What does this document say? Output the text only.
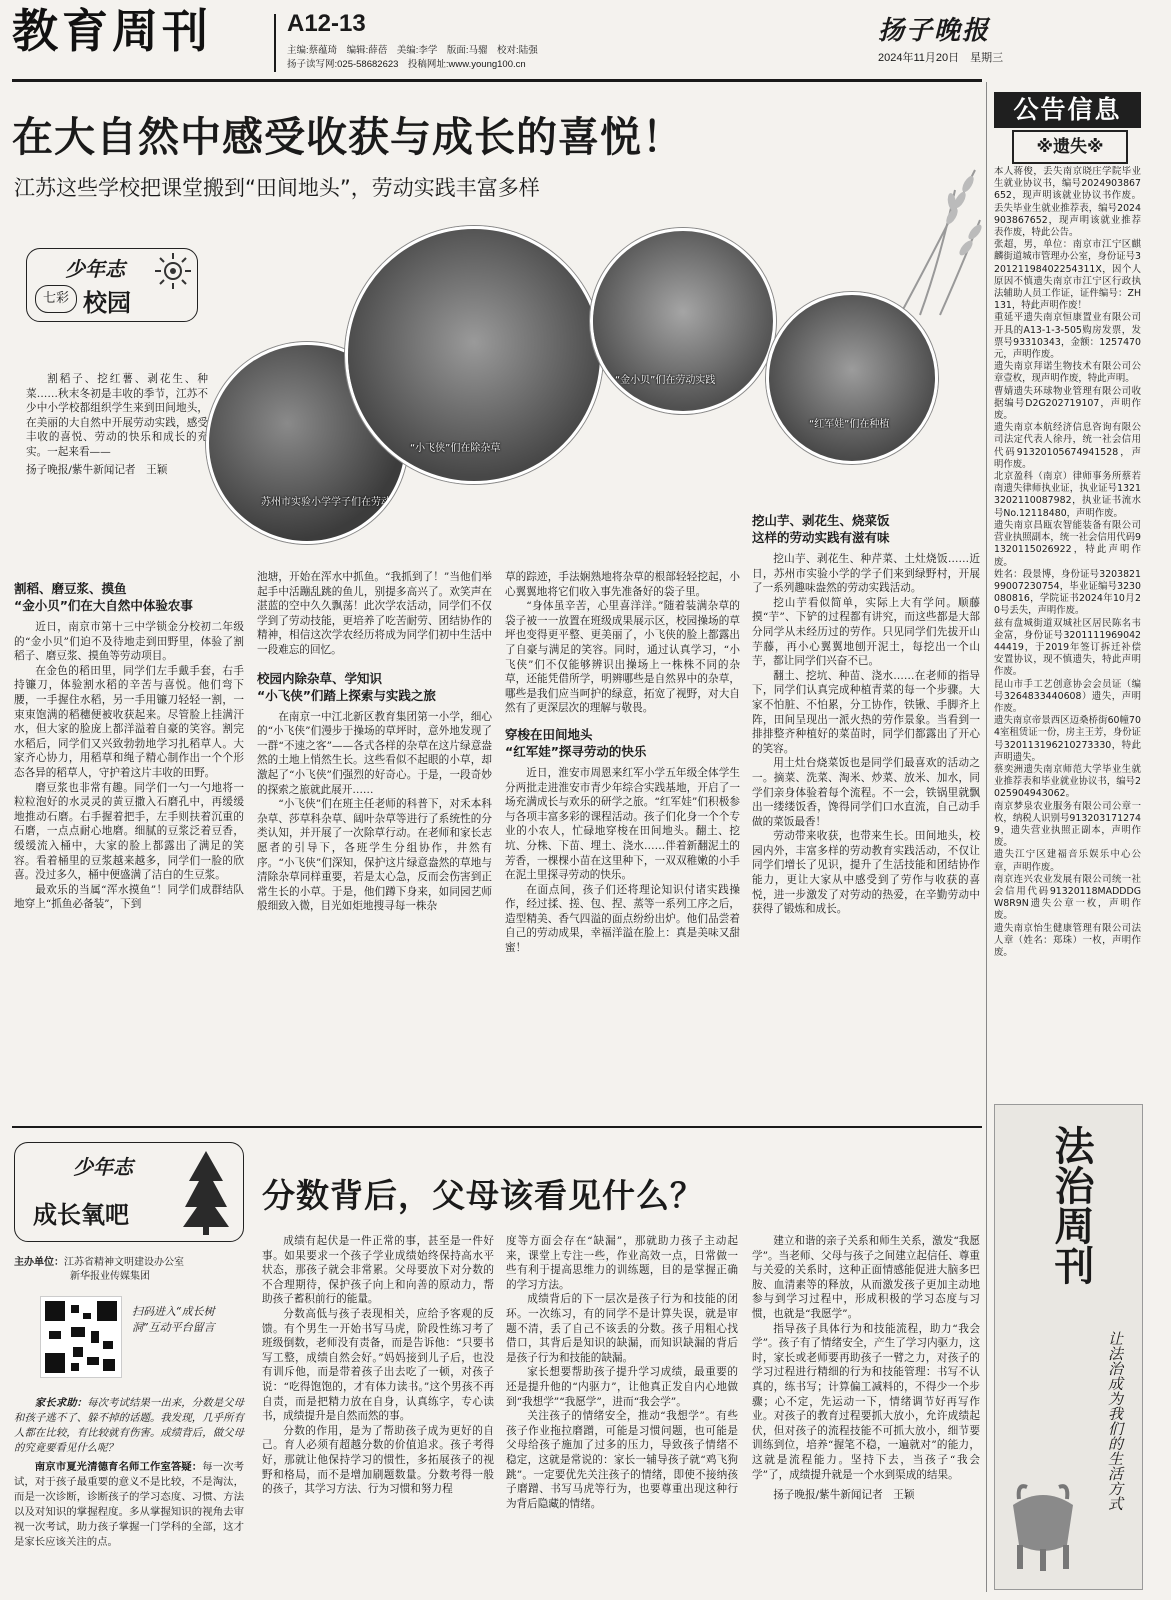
教育周刊	A12-13
主编:蔡蕴琦　编辑:薛蓓　美编:李学　版面:马骝　校对:陆强
扬子读写网:025-58682623　投稿网址:www.young100.cn
扬子晚报
2024年11月20日　星期三
在大自然中感受收获与成长的喜悦！
江苏这些学校把课堂搬到“田间地头”，劳动实践丰富多样
少年志
七彩 校园

割稻子、挖红薯、剥花生、种菜……秋末冬初是丰收的季节，江苏不少中小学校都组织学生来到田间地头，在美丽的大自然中开展劳动实践，感受丰收的喜悦、劳动的快乐和成长的充实。一起来看——

扬子晚报/紫牛新闻记者　王颖

苏州市实验小学学子们在劳动
“小飞侠”们在除杂草
“金小贝”们在劳动实践
“红军娃”们在种植
割稻、磨豆浆、摸鱼
“金小贝”们在大自然中体验农事

近日，南京市第十三中学锁金分校初二年级的“金小贝”们迫不及待地走到田野里，体验了割稻子、磨豆浆、摸鱼等劳动项目。

在金色的稻田里，同学们左手戴手套，右手持镰刀，体验割水稻的辛苦与喜悦。他们弯下腰，一手握住水稻，另一手用镰刀轻轻一割，一束束饱满的稻穗便被收获起来。尽管脸上挂满汗水，但大家的脸庞上都洋溢着自豪的笑容。割完水稻后，同学们又兴致勃勃地学习扎稻草人。大家齐心协力，用稻草和绳子精心制作出一个个形态各异的稻草人，守护着这片丰收的田野。

磨豆浆也非常有趣。同学们一勺一勺地将一粒粒泡好的水灵灵的黄豆撒入石磨孔中，再缓缓地推动石磨。右手握着把手，左手则扶着沉重的石磨，一点点耐心地磨。细腻的豆浆泛着豆香，缓缓流入桶中，大家的脸上都露出了满足的笑容。看着桶里的豆浆越来越多，同学们一脸的欣喜。没过多久，桶中便盛满了洁白的生豆浆。

最欢乐的当属“浑水摸鱼”！同学们成群结队地穿上“抓鱼必备装”，下到

池塘，开始在浑水中抓鱼。“我抓到了！”当他们举起手中活蹦乱跳的鱼儿，别提多高兴了。欢笑声在湛蓝的空中久久飘荡！此次学农活动，同学们不仅学到了劳动技能，更培养了吃苦耐劳、团结协作的精神，相信这次学农经历将成为同学们初中生活中一段难忘的回忆。

校园内除杂草、学知识
“小飞侠”们踏上探索与实践之旅

在南京一中江北新区教育集团第一小学，细心的“小飞侠”们漫步于操场的草坪时，意外地发现了一群“不速之客”——各式各样的杂草在这片绿意盎然的土地上悄然生长。这些看似不起眼的小草，却激起了“小飞侠”们强烈的好奇心。于是，一段奇妙的探索之旅就此展开……

“小飞侠”们在班主任老师的科普下，对禾本科杂草、莎草科杂草、阔叶杂草等进行了系统性的分类认知，并开展了一次除草行动。在老师和家长志愿者的引导下，各班学生分组协作，井然有序。“小飞侠”们深知，保护这片绿意盎然的草地与清除杂草同样重要，若是太心急，反而会伤害到正常生长的小草。于是，他们蹲下身来，如同园艺师般细致入微，目光如炬地搜寻每一株杂

草的踪迹，手法娴熟地将杂草的根部轻轻挖起，小心翼翼地将它们收入事先准备好的袋子里。

“身体虽辛苦，心里喜洋洋。”随着装满杂草的袋子被一一放置在班级成果展示区，校园操场的草坪也变得更平整、更美丽了，小飞侠的脸上都露出了自豪与满足的笑容。同时，通过认真学习，“小飞侠”们不仅能够辨识出操场上一株株不同的杂草，还能凭借所学，明辨哪些是自然界中的杂草，哪些是我们应当呵护的绿意，拓宽了视野，对大自然有了更深层次的理解与敬畏。

穿梭在田间地头
“红军娃”探寻劳动的快乐

近日，淮安市周恩来红军小学五年级全体学生分两批走进淮安市青少年综合实践基地，开启了一场充满成长与欢乐的研学之旅。“红军娃”们积极参与各项丰富多彩的课程活动。孩子们化身一个个专业的小农人，忙碌地穿梭在田间地头。翻土、挖坑、分株、下苗、埋土、浇水……伴着新翻泥土的芳香，一棵棵小苗在这里种下，一双双稚嫩的小手在泥土里探寻劳动的快乐。

在面点间，孩子们还将理论知识付诸实践操作，经过揉、搓、包、捏、蒸等一系列工序之后，造型精美、香气四溢的面点纷纷出炉。他们品尝着自己的劳动成果，幸福洋溢在脸上：真是美味又甜蜜！

挖山芋、剥花生、烧菜饭
这样的劳动实践有滋有味

挖山芋、剥花生、种芹菜、土灶烧饭……近日，苏州市实验小学的学子们来到绿野村，开展了一系列趣味盎然的劳动实践活动。

挖山芋看似简单，实际上大有学问。顺藤摸“芋”、下铲的过程都有讲究，而这些都是大部分同学从未经历过的劳作。只见同学们先拔开山芋藤，再小心翼翼地刨开泥土，每挖出一个山芋，都让同学们兴奋不已。

翻土、挖坑、种苗、浇水……在老师的指导下，同学们认真完成种植青菜的每一个步骤。大家不怕脏、不怕累，分工协作，铁锹、手脚齐上阵，田间呈现出一派火热的劳作景象。当看到一排排整齐种植好的菜苗时，同学们都露出了开心的笑容。

用土灶台烧菜饭也是同学们最喜欢的活动之一。摘菜、洗菜、淘米、炒菜、放米、加水，同学们亲身体验着每个流程。不一会，铁锅里就飘出一缕缕饭香，馋得同学们口水直流，自己动手做的菜饭最香！

劳动带来收获，也带来生长。田间地头，校园内外，丰富多样的劳动教育实践活动，不仅让同学们增长了见识，提升了生活技能和团结协作能力，更让大家从中感受到了劳作与收获的喜悦，进一步激发了对劳动的热爱，在辛勤劳动中获得了锻炼和成长。

少年志
成长氧吧
主办单位：江苏省精神文明建设办公室
新华报业传媒集团
扫码进入“成长树洞”互动平台留言

家长求助：每次考试结果一出来，分数是父母和孩子逃不了、躲不掉的话题。我发现，几乎所有人都在比较，有比较就有伤害。成绩背后，做父母的究竟要看见什么呢？

南京市夏光清德育名师工作室答疑：每一次考试，对于孩子最重要的意义不是比较，不是淘汰，而是一次诊断，诊断孩子的学习态度、习惯、方法以及对知识的掌握程度。多从掌握知识的视角去审视一次考试，助力孩子掌握一门学科的全部，这才是家长应该关注的点。

分数背后，父母该看见什么？

成绩有起伏是一件正常的事，甚至是一件好事。如果要求一个孩子学业成绩始终保持高水平状态，那孩子就会非常累。父母要放下对分数的不合理期待，保护孩子向上和向善的原动力，帮助孩子蓄积前行的能量。

分数高低与孩子表现相关，应给予客观的反馈。有个男生一开始书写马虎，阶段性练习考了班级倒数，老师没有责备，而是告诉他：“只要书写工整，成绩自然会好。”妈妈接到儿子后，也没有训斥他，而是带着孩子出去吃了一顿，对孩子说：“吃得饱饱的，才有体力读书。”这个男孩不再自责，而是把精力放在自身，认真练字，专心读书，成绩提升是自然而然的事。

分数的作用，是为了帮助孩子成为更好的自己。育人必须有超越分数的价值追求。孩子考得好，那就让他保持学习的惯性，多拓展孩子的视野和格局，而不是增加刷题数量。分数考得一般的孩子，其学习方法、行为习惯和努力程

度等方面会存在“缺漏”，那就助力孩子主动起来，课堂上专注一些，作业高效一点，日常做一些有利于提高思维力的训练题，目的是掌握正确的学习方法。

成绩背后的下一层次是孩子行为和技能的闭环。一次练习，有的同学不是计算失误，就是审题不清，丢了自己不该丢的分数。孩子用粗心找借口，其背后是知识的缺漏，而知识缺漏的背后是孩子行为和技能的缺漏。

家长想要帮助孩子提升学习成绩，最重要的还是提升他的“内驱力”，让他真正发自内心地做到“我想学”“我愿学”，进而“我会学”。

关注孩子的情绪安全，推动“我想学”。有些孩子作业拖拉磨蹭，可能是习惯问题，也可能是父母给孩子施加了过多的压力，导致孩子情绪不稳定，这就是常说的：家长一辅导孩子就“鸡飞狗跳”。一定要优先关注孩子的情绪，即使不接纳孩子磨蹭、书写马虎等行为，也要尊重出现这种行为背后隐藏的情绪。

建立和谐的亲子关系和师生关系，激发“我愿学”。当老师、父母与孩子之间建立起信任、尊重与关爱的关系时，这种正面情感能促进大脑多巴胺、血清素等的释放，从而激发孩子更加主动地参与到学习过程中，形成积极的学习态度与习惯，也就是“我愿学”。

指导孩子具体行为和技能流程，助力“我会学”。孩子有了情绪安全，产生了学习内驱力，这时，家长或老师要再助孩子一臂之力，对孩子的学习过程进行精细的行为和技能管理：书写不认真的，练书写；计算偏工减料的，不得少一个步骤；心不定，先运动一下，情绪调节好再写作业。对孩子的教育过程要抓大放小，允许成绩起伏，但对孩子的流程技能不可抓大放小，细节要训练到位，培养“握笔不稳，一遍就对”的能力，这就是流程能力。坚持下去，当孩子“我会学”了，成绩提升就是一个水到渠成的结果。

扬子晚报/紫牛新闻记者　王颖

公告信息
※遗失※

本人蒋俊，丢失南京晓庄学院毕业生就业协议书，编号2024903867652，现声明该就业协议书作废。丢失毕业生就业推荐表，编号2024903867652，现声明该就业推荐表作废，特此公告。

张超，男，单位：南京市江宁区麒麟街道城市管理办公室，身份证号320121198402254311X，因个人原因不慎遗失南京市江宁区行政执法辅助人员工作证，证件编号：ZH131，特此声明作废！

重延平遗失南京恒康置业有限公司开具的A13-1-3-505购房发票，发票号93310343，金额：1257470元，声明作废。

遗失南京拜诺生物技术有限公司公章壹枚，现声明作废，特此声明。

曹婧遗失环球物业管理有限公司收据编号D2G202719107，声明作废。

遗失南京本航经济信息咨询有限公司法定代表人徐丹，统一社会信用代码91320105674941528，声明作废。

北京盈科（南京）律师事务所蔡若南遗失律师执业证，执业证号13213202110087982，执业证书流水号No.12118480，声明作废。

遗失南京昌瓯农智能装备有限公司营业执照副本，统一社会信用代码91320115026922，特此声明作废。

姓名：段景博，身份证号320382199007230754，毕业证编号3230080816，学院证书2024年10月20号丢失，声明作废。

兹有盘城街道双城社区居民陈名韦金富，身份证号320111196904244419，于2019年签订拆迁补偿安置协议，现不慎遗失，特此声明作废。

昆山市手工艺创意协会会员证（编号3264833440608）遗失，声明作废。

遗失南京帝景西区迈桑桥街60幢704室租赁证一份，房主王芳，身份证号320113196210273330，特此声明遗失。

蔡奕洲遗失南京师范大学毕业生就业推荐表和毕业就业协议书，编号2025904943062。

南京梦泉农业服务有限公司公章一枚，纳税人识别号9132031712749，遗失营业执照正副本，声明作废。

遗失江宁区建福音乐娱乐中心公章，声明作废。

南京连兴农业发展有限公司统一社会信用代码91320118MADDDGW8R9N遗失公章一枚，声明作废。

遗失南京怡生健康管理有限公司法人章（姓名：郑珠）一枚，声明作废。

法治周刊
让法治成为我们的生活方式
